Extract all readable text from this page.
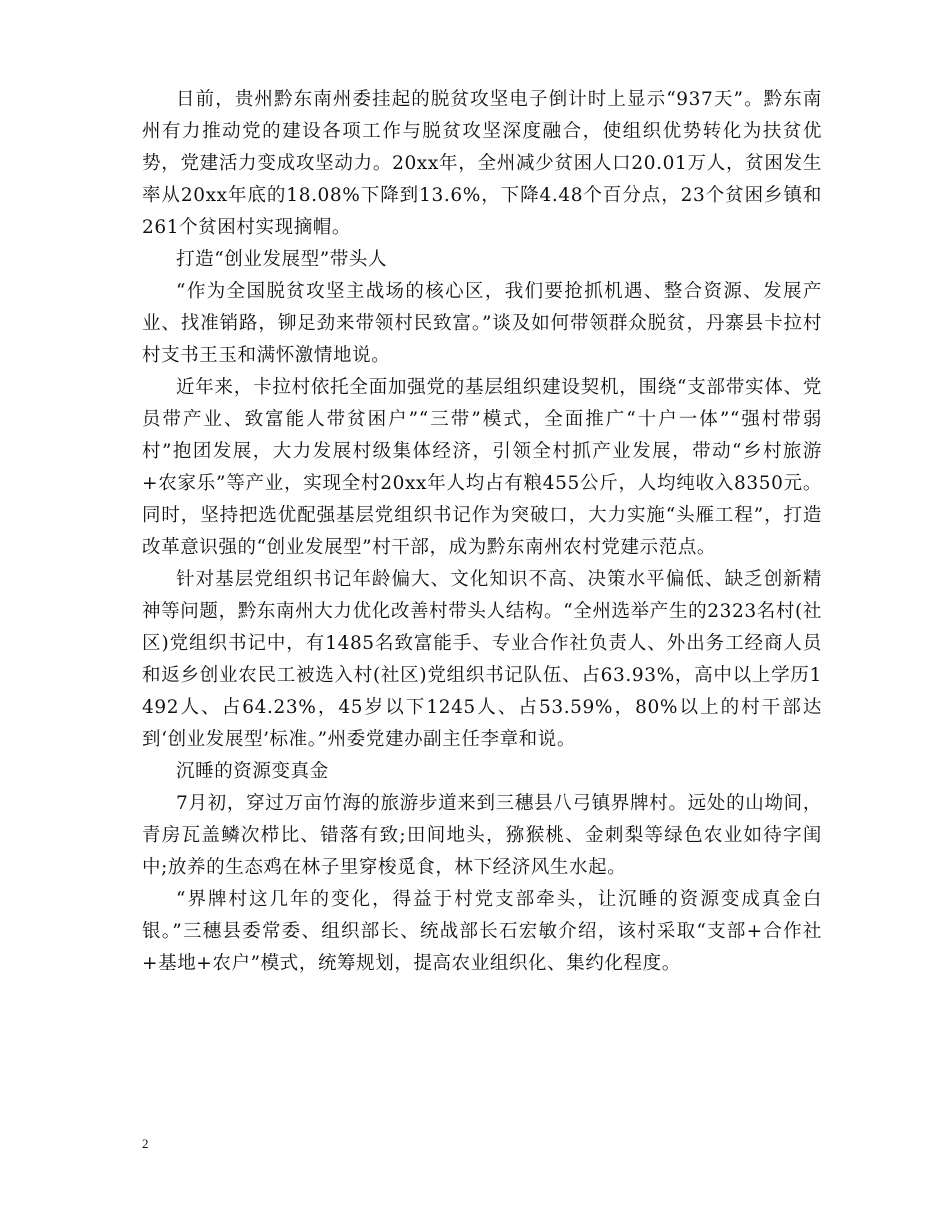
日前，贵州黔东南州委挂起的脱贫攻坚电子倒计时上显示“937天”。黔东南州有力推动党的建设各项工作与脱贫攻坚深度融合，使组织优势转化为扶贫优势，党建活力变成攻坚动力。20xx年，全州减少贫困人口20.01万人，贫困发生率从20xx年底的18.08%下降到13.6%，下降4.48个百分点，23个贫困乡镇和261个贫困村实现摘帽。

打造“创业发展型”带头人

“作为全国脱贫攻坚主战场的核心区，我们要抢抓机遇、整合资源、发展产业、找准销路，铆足劲来带领村民致富。”谈及如何带领群众脱贫，丹寨县卡拉村村支书王玉和满怀激情地说。

近年来，卡拉村依托全面加强党的基层组织建设契机，围绕“支部带实体、党员带产业、致富能人带贫困户”“三带”模式，全面推广“十户一体”“强村带弱村”抱团发展，大力发展村级集体经济，引领全村抓产业发展，带动“乡村旅游+农家乐”等产业，实现全村20xx年人均占有粮455公斤，人均纯收入8350元。同时，坚持把选优配强基层党组织书记作为突破口，大力实施“头雁工程”，打造改革意识强的“创业发展型”村干部，成为黔东南州农村党建示范点。

针对基层党组织书记年龄偏大、文化知识不高、决策水平偏低、缺乏创新精神等问题，黔东南州大力优化改善村带头人结构。“全州选举产生的2323名村(社区)党组织书记中，有1485名致富能手、专业合作社负责人、外出务工经商人员和返乡创业农民工被选入村(社区)党组织书记队伍、占63.93%，高中以上学历1492人、占64.23%，45岁以下1245人、占53.59%，80%以上的村干部达到‘创业发展型’标准。”州委党建办副主任李章和说。

沉睡的资源变真金

7月初，穿过万亩竹海的旅游步道来到三穗县八弓镇界牌村。远处的山坳间，青房瓦盖鳞次栉比、错落有致;田间地头，猕猴桃、金刺梨等绿色农业如待字闺中;放养的生态鸡在林子里穿梭觅食，林下经济风生水起。

“界牌村这几年的变化，得益于村党支部牵头，让沉睡的资源变成真金白银。”三穗县委常委、组织部长、统战部长石宏敏介绍，该村采取“支部+合作社+基地+农户”模式，统筹规划，提高农业组织化、集约化程度。

2
